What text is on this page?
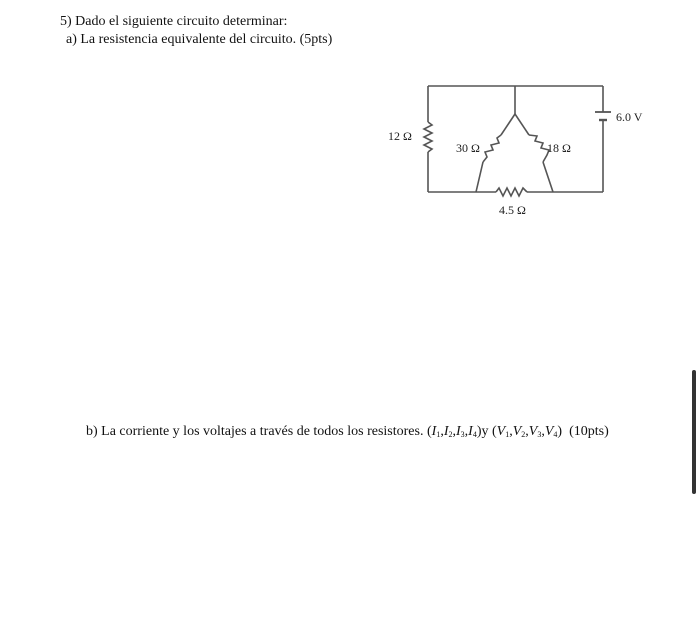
5) Dado el siguiente circuito determinar:
a) La resistencia equivalente del circuito. (5pts)
12 Ω
30 Ω	18 Ω
4.5 Ω
6.0 V
b) La corriente y los voltajes a través de todos los resistores. $(I_1,I_2,I_3,I_4)y$ $(V_1,V_2,V_3,V_4)$ (10pts)
